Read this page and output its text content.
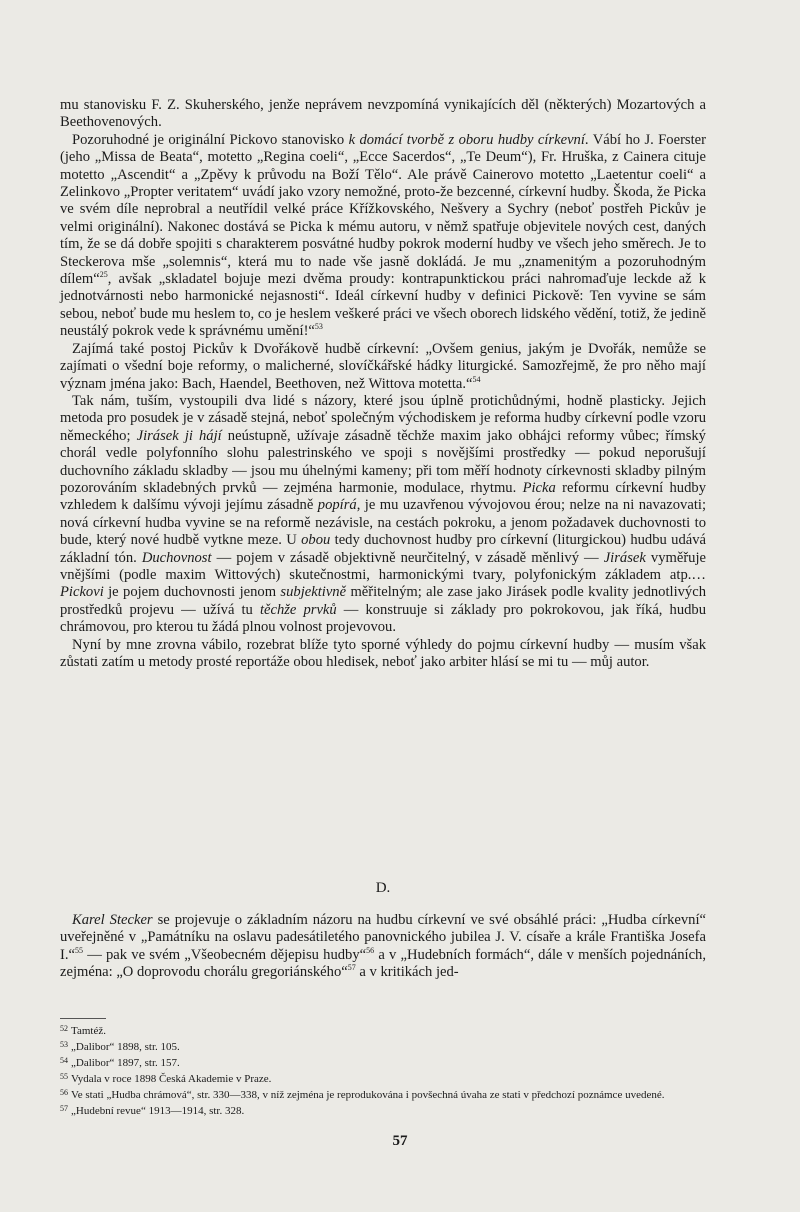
mu stanovisku F. Z. Skuherského, jenže neprávem nevzpomíná vynikajících děl (některých) Mozartových a Beethovenových.

Pozoruhodné je originální Pickovo stanovisko k domácí tvorbě z oboru hudby církevní. Vábí ho J. Foerster (jeho „Missa de Beata“, motetto „Regina coeli“, „Ecce Sacerdos“, „Te Deum“), Fr. Hruška, z Cainera cituje motetto „Ascendit“ a „Zpěvy k průvodu na Boží Tělo“. Ale právě Cainerovo motetto „Laetentur coeli“ a Zelinkovo „Propter veritatem“ uvádí jako vzory nemožné, proto-že bezcenné, církevní hudby. Škoda, že Picka ve svém díle neprobral a neutřídil velké práce Křížkovského, Nešvery a Sychry (neboť postřeh Pickův je velmi originální). Nakonec dostává se Picka k mému autoru, v němž spatřuje objevitele nových cest, daných tím, že se dá dobře spojiti s charakterem posvátné hudby pokrok moderní hudby ve všech jeho směrech. Je to Steckerova mše „solemnis“, která mu to nade vše jasně dokládá. Je mu „znamenitým a pozoruhodným dílem“$^{25}$, avšak „skladatel bojuje mezi dvěma proudy: kontrapunktickou práci nahromaďuje leckde až k jednotvárnosti nebo harmonické nejasnosti“. Ideál církevní hudby v definici Pickově: Ten vyvine se sám sebou, neboť bude mu heslem to, co je heslem veškeré práci ve všech oborech lidského vědění, totiž, že jedině neustálý pokrok vede k správnému umění!“$^{53}$

Zajímá také postoj Pickův k Dvořákově hudbě církevní: „Ovšem genius, jakým je Dvořák, nemůže se zajímati o všední boje reformy, o malicherné, slovíčkářské hádky liturgické. Samozřejmě, že pro něho mají význam jména jako: Bach, Haendel, Beethoven, než Wittova motetta.“$^{54}$

Tak nám, tuším, vystoupili dva lidé s názory, které jsou úplně protichůdnými, hodně plasticky. Jejich metoda pro posudek je v zásadě stejná, neboť společným východiskem je reforma hudby církevní podle vzoru německého; Jirásek ji hájí neústupně, užívaje zásadně těchže maxim jako obhájci reformy vůbec; římský chorál vedle polyfonního slohu palestrinského ve spoji s novějšími prostředky — pokud neporušují duchovního základu skladby — jsou mu úhelnými kameny; při tom měří hodnoty církevnosti skladby pilným pozorováním skladebných prvků — zejména harmonie, modulace, rhytmu. Picka reformu církevní hudby vzhledem k dalšímu vývoji jejímu zásadně popírá, je mu uzavřenou vývojovou érou; nelze na ni navazovati; nová církevní hudba vyvine se na reformě nezávisle, na cestách pokroku, a jenom požadavek duchovnosti to bude, který nové hudbě vytkne meze. U obou tedy duchovnost hudby pro církevní (liturgickou) hudbu udává základní tón. Duchovnost — pojem v zásadě objektivně neurčitelný, v zásadě měnlivý — Jirásek vyměřuje vnějšími (podle maxim Wittových) skutečnostmi, harmonickými tvary, polyfonickým základem atp.… Pickovi je pojem duchovnosti jenom subjektivně měřitelným; ale zase jako Jirásek podle kvality jednotlivých prostředků projevu — užívá tu těchže prvků — konstruuje si základy pro pokrokovou, jak říká, hudbu chrámovou, pro kterou tu žádá plnou volnost projevovou.

Nyní by mne zrovna vábilo, rozebrat blíže tyto sporné výhledy do pojmu církevní hudby — musím však zůstati zatím u metody prosté reportáže obou hledisek, neboť jako arbiter hlásí se mi tu — můj autor.

D.

Karel Stecker se projevuje o základním názoru na hudbu církevní ve své obsáhlé práci: „Hudba církevní“ uveřejněné v „Památníku na oslavu padesátiletého panovnického jubilea J. V. císaře a krále Františka Josefa I.“$^{55}$ — pak ve svém „Všeobecném dějepisu hudby“$^{56}$ a v „Hudebních formách“, dále v menších pojednáních, zejména: „O doprovodu chorálu gregoriánského“$^{57}$ a v kritikách jed-

$^{52}$ Tamtéž.
$^{53}$ „Dalibor“ 1898, str. 105.
$^{54}$ „Dalibor“ 1897, str. 157.
$^{55}$ Vydala v roce 1898 Česká Akademie v Praze.
$^{56}$ Ve stati „Hudba chrámová“, str. 330—338, v níž zejména je reprodukována i povšechná úvaha ze stati v předchozí poznámce uvedené.
$^{57}$ „Hudební revue“ 1913—1914, str. 328.
57
